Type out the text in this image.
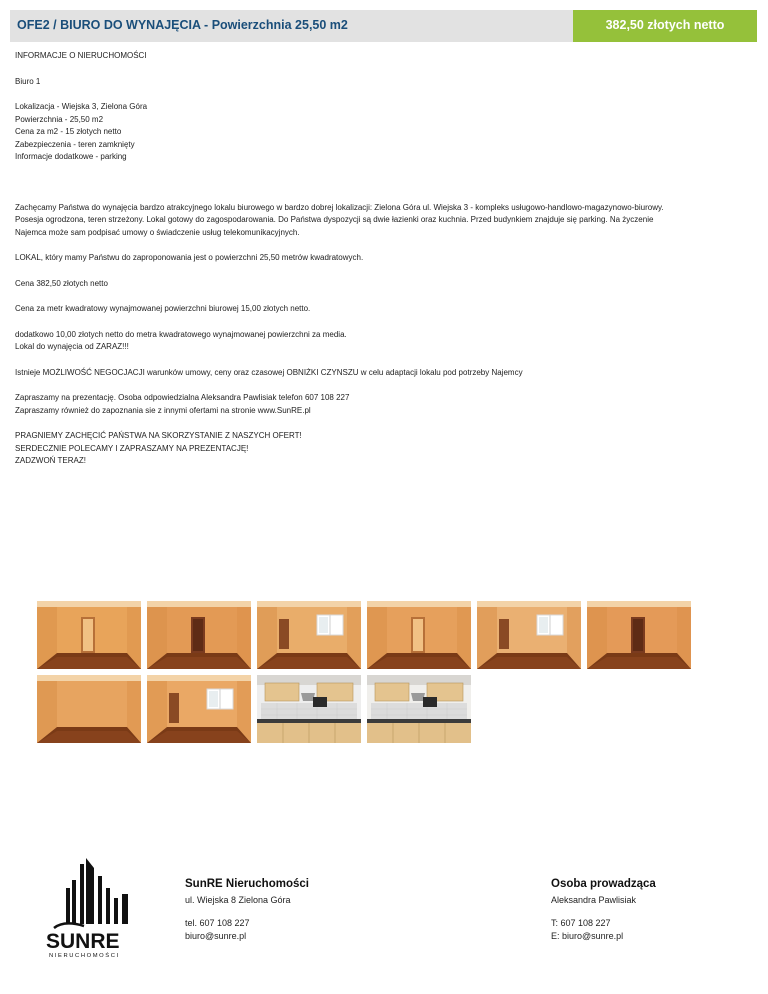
OFE2 / BIURO DO WYNAJĘCIA - Powierzchnia 25,50 m2	382,50 złotych netto

INFORMACJE O NIERUCHOMOŚCI

Biuro 1

Lokalizacja - Wiejska 3, Zielona Góra

Powierzchnia - 25,50 m2

Cena za m2 - 15 złotych netto

Zabezpieczenia - teren zamknięty

Informacje dodatkowe - parking

Zachęcamy Państwa do wynajęcia bardzo atrakcyjnego lokalu biurowego w bardzo dobrej lokalizacji: Zielona Góra ul. Wiejska 3 - kompleks usługowo-handlowo-magazynowo-biurowy.

Posesja ogrodzona, teren strzeżony. Lokal gotowy do zagospodarowania. Do Państwa dyspozycji są dwie łazienki oraz kuchnia. Przed budynkiem znajduje się parking. Na życzenie

Najemca może sam podpisać umowy o świadczenie usług telekomunikacyjnych.

LOKAL, który mamy Państwu do zaproponowania jest o powierzchni 25,50 metrów kwadratowych.

Cena 382,50 złotych netto

Cena za metr kwadratowy wynajmowanej powierzchni biurowej 15,00 złotych netto.

dodatkowo 10,00 złotych netto do metra kwadratowego wynajmowanej powierzchni za media.

Lokal do wynajęcia od ZARAZ!!!

Istnieje MOŻLIWOŚĆ NEGOCJACJI warunków umowy, ceny oraz czasowej OBNIŻKI CZYNSZU w celu adaptacji lokalu pod potrzeby Najemcy

Zapraszamy na prezentację. Osoba odpowiedzialna Aleksandra Pawlisiak telefon 607 108 227

Zapraszamy również do zapoznania sie z innymi ofertami na stronie www.SunRE.pl

PRAGNIEMY ZACHĘCIĆ PAŃSTWA NA SKORZYSTANIE Z NASZYCH OFERT!

SERDECZNIE POLECAMY I ZAPRASZAMY NA PREZENTACJĘ!

ZADZWOŃ TERAZ!

SUNRE
NIERUCHOMOŚCI
SunRE Nieruchomości
ul. Wiejska 8 Zielona Góra
tel. 607 108 227
biuro@sunre.pl
Osoba prowadząca
Aleksandra Pawlisiak
T: 607 108 227
E: biuro@sunre.pl
